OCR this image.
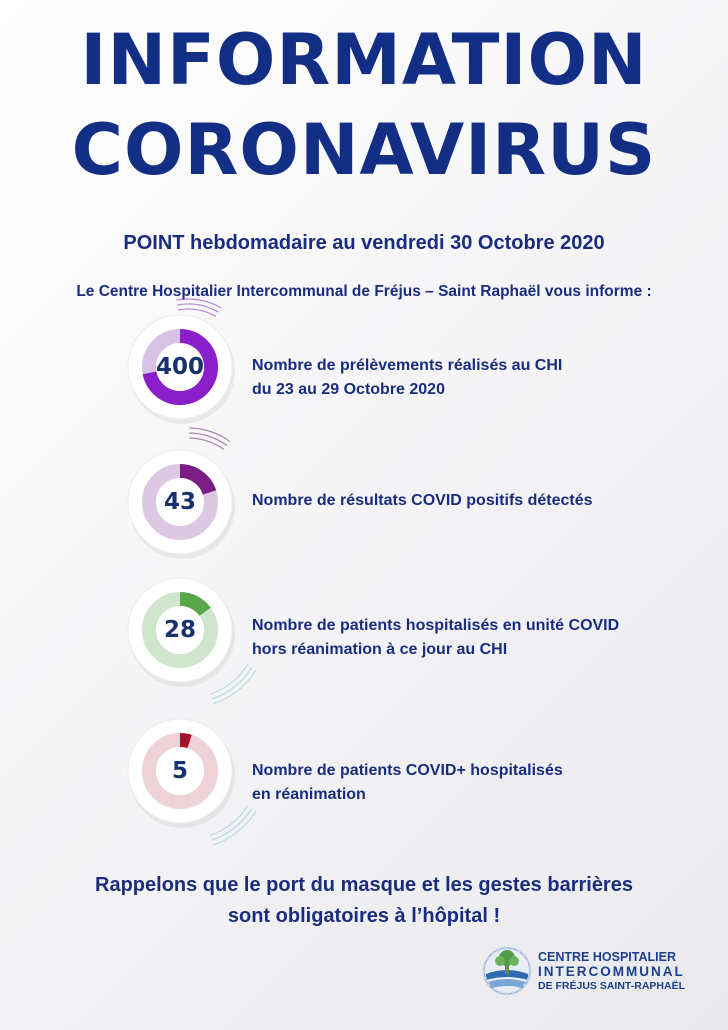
INFORMATION
CORONAVIRUS

POINT hebdomadaire au vendredi 30 Octobre 2020

Le Centre Hospitalier Intercommunal de Fréjus – Saint Raphaël vous informe :

400	Nombre de prélèvements réalisés au CHI
du 23 au 29 Octobre 2020

43	Nombre de résultats COVID positifs détectés

28	Nombre de patients hospitalisés en unité COVID
hors réanimation à ce jour au CHI

5	Nombre de patients COVID+ hospitalisés
en réanimation

Rappelons que le port du masque et les gestes barrières
sont obligatoires à l’hôpital !

CENTRE HOSPITALIER
INTERCOMMUNAL
DE FRÉJUS SAINT-RAPHAËL
